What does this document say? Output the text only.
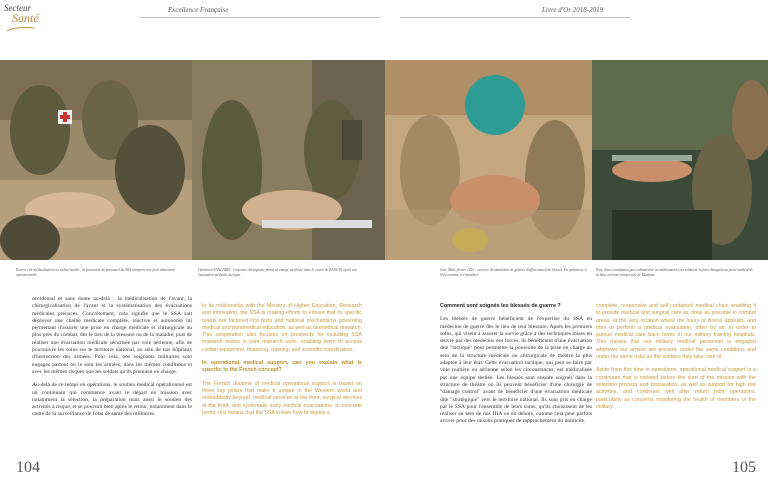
Secteur
Santé
Excellence Française	Livre d'Or 2018-2019
Exercice de médicalisation en milieu hostile : la formation du personnel du SSA comporte une forte dimension opérationnelle.
Opération SANGARIS : l'antenne chirurgicale prend en charge un blessé dans le centre de BANGUI après son évacuation médicale tactique.
Gao, Mali, février 2016 : exercice de simulation de gestion d'afflux massif de blessés. En opération, le SSA continue à s'entraîner.
Pose d'une transfusion pour administrer un médicament à un soldat de la force Sangaris au poste médical de la base aérienne temporaire de Madama.

occidental et sans doute au-delà : la médicalisation de l'avant, la chirurgicalisation de l'avant et la systématisation des évacuations médicales précoces. Concrètement, cela signifie que le SSA sait déployer une chaîne médicale complète, réactive et autonome lui permettant d'assurer une prise en charge médicale et chirurgicale au plus près du combat, dès le lieu de la blessure ou de la maladie, puis de réaliser une évacuation médicale sécurisée par voie aérienne, afin de poursuivre les soins sur le territoire national, au sein de nos hôpitaux d'instruction des armées. Pour cela, nos soignants militaires sont engagés partout où le sont les armées, dans les mêmes conditions et avec les mêmes risques que les soldats qu'ils prennent en charge.

Au-delà de ce temps en opérations, le soutien médical opérationnel est un continuum qui commence avant le départ en mission avec notamment la sélection, la préparation mais aussi le soutien des activités à risque, et se poursuit bien après le retour, notamment dans le cadre de la surveillance de l'état de santé des militaires.

In its relationship with the Ministry of Higher Education, Research and Innovation, the SSA is making efforts to ensure that its specific needs are factored into texts and national mechanisms governing medical and paramedical education, as well as biomedical research. This cooperation also focuses on prospects for including SSA research teams in joint research units, enabling them to access civilian equipment, financing, training, and scientific coordination.

In operational medical support, can you explain what is specific to the French concept?

The French doctrine of medical operational support is based on three key pillars that make it unique in the Western world and undoubtedly beyond: medical services at the front, surgical services at the front, and systematic early medical evacuations. In concrete terms, this means that the SSA knows how to deploy a

Comment sont soignés les blessés de guerre ?

Les blessés de guerre bénéficient de l'expertise du SSA en médecine de guerre dès le lieu de leur blessure. Après les premiers soins, qui visent à assurer la survie grâce à des techniques mises en œuvre par des médecins des forces, ils bénéficient d'une évacuation dite "tactique" pour permettre la poursuite de la prise en charge au sein de la structure médicale ou chirurgicale de théâtre la plus adaptée à leur état. Cette évacuation tactique, qui peut se faire par voie routière ou aérienne selon les circonstances, est médicalisée par une équipe dédiée. Les blessés sont ensuite soignés dans la structure de théâtre où ils peuvent bénéficier d'une chirurgie de "damage control" avant de bénéficier d'une évacuation médicale dite "stratégique" vers le territoire national. Ils sont pris en charge par le SSA pour l'ensemble de leurs soins, qu'ils choisissent de les réaliser au sein de nos HIA ou en dehors, comme cela peut parfois arriver pour des raisons pratiques de rapprochement du domicile.

complete, responsive and self-contained medical chain enabling it to provide medical and surgical care as close as possible to combat areas, at the very location where the injury or illness appears, and then to perform a medical evacuation, often by air, in order to pursue medical care back home in our military training hospitals. This means that our military medical personnel is engaged wherever our armies are present, under the same conditions and under the same risks as the soldiers they take care of.

Aside from this time in operations, operational medical support is a continuum that is initiated before the start of the mission with the selection process and preparation, as well as support for high risk activities, and continues well after return from operations, particularly as concerns monitoring the health of members of the military.

104	105
